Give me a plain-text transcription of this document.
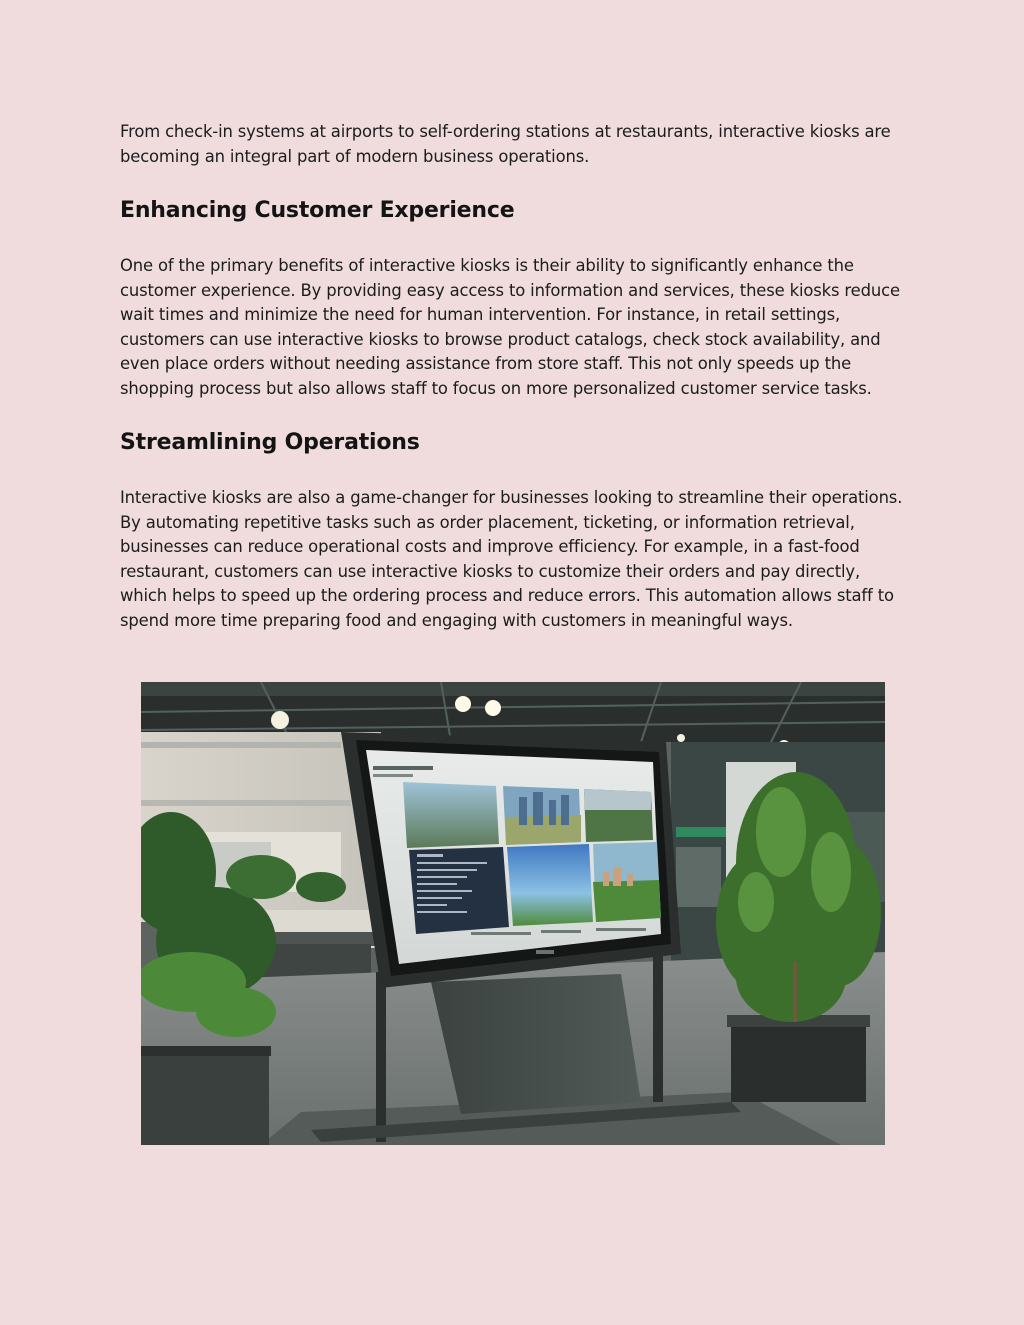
From check-in systems at airports to self-ordering stations at restaurants, interactive kiosks are becoming an integral part of modern business operations.

Enhancing Customer Experience

One of the primary benefits of interactive kiosks is their ability to significantly enhance the customer experience. By providing easy access to information and services, these kiosks reduce wait times and minimize the need for human intervention. For instance, in retail settings, customers can use interactive kiosks to browse product catalogs, check stock availability, and even place orders without needing assistance from store staff. This not only speeds up the shopping process but also allows staff to focus on more personalized customer service tasks.

Streamlining Operations

Interactive kiosks are also a game-changer for businesses looking to streamline their operations. By automating repetitive tasks such as order placement, ticketing, or information retrieval, businesses can reduce operational costs and improve efficiency. For example, in a fast-food restaurant, customers can use interactive kiosks to customize their orders and pay directly, which helps to speed up the ordering process and reduce errors. This automation allows staff to spend more time preparing food and engaging with customers in meaningful ways.
